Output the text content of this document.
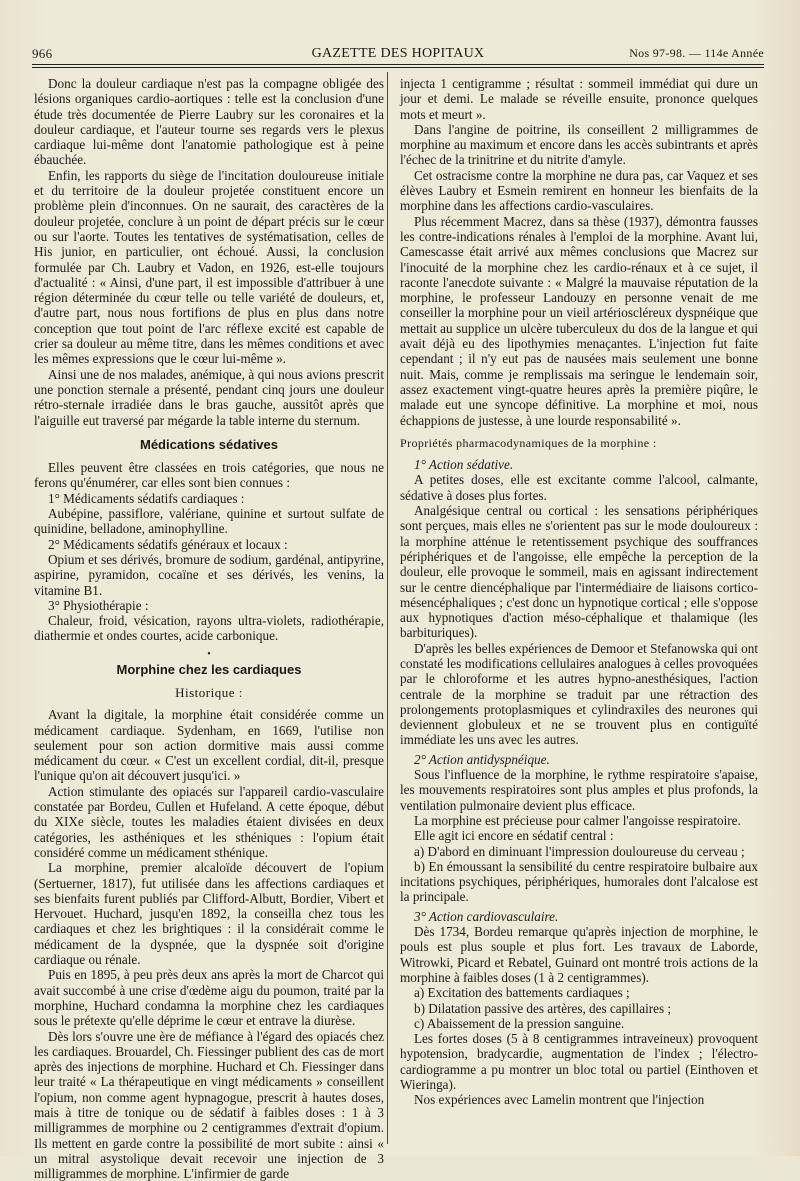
966	GAZETTE DES HOPITAUX	Nos 97-98. — 114e Année

Donc la douleur cardiaque n'est pas la compagne obligée des lésions organiques cardio-aortiques : telle est la conclusion d'une étude très documentée de Pierre Laubry sur les coronaires et la douleur cardiaque, et l'auteur tourne ses regards vers le plexus cardiaque lui-même dont l'anatomie pathologique est à peine ébauchée.

Enfin, les rapports du siège de l'incitation douloureuse initiale et du territoire de la douleur projetée constituent encore un problème plein d'inconnues. On ne saurait, des caractères de la douleur projetée, conclure à un point de départ précis sur le cœur ou sur l'aorte. Toutes les tentatives de systématisation, celles de His junior, en particulier, ont échoué. Aussi, la conclusion formulée par Ch. Laubry et Vadon, en 1926, est-elle toujours d'actualité : « Ainsi, d'une part, il est impossible d'attribuer à une région déterminée du cœur telle ou telle variété de douleurs, et, d'autre part, nous nous fortifions de plus en plus dans notre conception que tout point de l'arc réflexe excité est capable de crier sa douleur au même titre, dans les mêmes conditions et avec les mêmes expressions que le cœur lui-même ».

Ainsi une de nos malades, anémique, à qui nous avions prescrit une ponction sternale a présenté, pendant cinq jours une douleur rétro-sternale irradiée dans le bras gauche, aussitôt après que l'aiguille eut traversé par mégarde la table interne du sternum.

Médications sédatives

Elles peuvent être classées en trois catégories, que nous ne ferons qu'énumérer, car elles sont bien connues :

1° Médicaments sédatifs cardiaques :

Aubépine, passiflore, valériane, quinine et surtout sulfate de quinidine, belladone, aminophylline.

2° Médicaments sédatifs généraux et locaux :

Opium et ses dérivés, bromure de sodium, gardénal, antipyrine, aspirine, pyramidon, cocaïne et ses dérivés, les venins, la vitamine B1.

3° Physiothérapie :

Chaleur, froid, vésication, rayons ultra-violets, radiothérapie, diathermie et ondes courtes, acide carbonique.

•
Morphine chez les cardiaques
Historique :

Avant la digitale, la morphine était considérée comme un médicament cardiaque. Sydenham, en 1669, l'utilise non seulement pour son action dormitive mais aussi comme médicament du cœur. « C'est un excellent cordial, dit-il, presque l'unique qu'on ait découvert jusqu'ici. »

Action stimulante des opiacés sur l'appareil cardio-vasculaire constatée par Bordeu, Cullen et Hufeland. A cette époque, début du XIXe siècle, toutes les maladies étaient divisées en deux catégories, les asthéniques et les sthéniques : l'opium était considéré comme un médicament sthénique.

La morphine, premier alcaloïde découvert de l'opium (Sertuerner, 1817), fut utilisée dans les affections cardiaques et ses bienfaits furent publiés par Clifford-Albutt, Bordier, Vibert et Hervouet. Huchard, jusqu'en 1892, la conseilla chez tous les cardiaques et chez les brightiques : il la considérait comme le médicament de la dyspnée, que la dyspnée soit d'origine cardiaque ou rénale.

Puis en 1895, à peu près deux ans après la mort de Charcot qui avait succombé à une crise d'œdème aigu du poumon, traité par la morphine, Huchard condamna la morphine chez les cardiaques sous le prétexte qu'elle déprime le cœur et entrave la diurèse.

Dès lors s'ouvre une ère de méfiance à l'égard des opiacés chez les cardiaques. Brouardel, Ch. Fiessinger publient des cas de mort après des injections de morphine. Huchard et Ch. Fiessinger dans leur traité « La thérapeutique en vingt médicaments » conseillent l'opium, non comme agent hypnagogue, prescrit à hautes doses, mais à titre de tonique ou de sédatif à faibles doses : 1 à 3 milligrammes de morphine ou 2 centigrammes d'extrait d'opium. Ils mettent en garde contre la possibilité de mort subite : ainsi « un mitral asystolique devait recevoir une injection de 3 milligrammes de morphine. L'infirmier de garde

injecta 1 centigramme ; résultat : sommeil immédiat qui dure un jour et demi. Le malade se réveille ensuite, prononce quelques mots et meurt ».

Dans l'angine de poitrine, ils conseillent 2 milligrammes de morphine au maximum et encore dans les accès subintrants et après l'échec de la trinitrine et du nitrite d'amyle.

Cet ostracisme contre la morphine ne dura pas, car Vaquez et ses élèves Laubry et Esmein remirent en honneur les bienfaits de la morphine dans les affections cardio-vasculaires.

Plus récemment Macrez, dans sa thèse (1937), démontra fausses les contre-indications rénales à l'emploi de la morphine. Avant lui, Camescasse était arrivé aux mêmes conclusions que Macrez sur l'inocuité de la morphine chez les cardio-rénaux et à ce sujet, il raconte l'anecdote suivante : « Malgré la mauvaise réputation de la morphine, le professeur Landouzy en personne venait de me conseiller la morphine pour un vieil artérioscléreux dyspnéique que mettait au supplice un ulcère tuberculeux du dos de la langue et qui avait déjà eu des lipothymies menaçantes. L'injection fut faite cependant ; il n'y eut pas de nausées mais seulement une bonne nuit. Mais, comme je remplissais ma seringue le lendemain soir, assez exactement vingt-quatre heures après la première piqûre, le malade eut une syncope définitive. La morphine et moi, nous échappions de justesse, à une lourde responsabilité ».

Propriétés pharmacodynamiques de la morphine :

1° Action sédative.

A petites doses, elle est excitante comme l'alcool, calmante, sédative à doses plus fortes.

Analgésique central ou cortical : les sensations périphériques sont perçues, mais elles ne s'orientent pas sur le mode douloureux : la morphine atténue le retentissement psychique des souffrances périphériques et de l'angoisse, elle empêche la perception de la douleur, elle provoque le sommeil, mais en agissant indirectement sur le centre diencéphalique par l'intermédiaire de liaisons cortico-mésencéphaliques ; c'est donc un hypnotique cortical ; elle s'oppose aux hypnotiques d'action méso-céphalique et thalamique (les barbituriques).

D'après les belles expériences de Demoor et Stefanowska qui ont constaté les modifications cellulaires analogues à celles provoquées par le chloroforme et les autres hypno-anesthésiques, l'action centrale de la morphine se traduit par une rétraction des prolongements protoplasmiques et cylindraxiles des neurones qui deviennent globuleux et ne se trouvent plus en contiguïté immédiate les uns avec les autres.

2° Action antidyspnéique.

Sous l'influence de la morphine, le rythme respiratoire s'apaise, les mouvements respiratoires sont plus amples et plus profonds, la ventilation pulmonaire devient plus efficace.

La morphine est précieuse pour calmer l'angoisse respiratoire.

Elle agit ici encore en sédatif central :

a) D'abord en diminuant l'impression douloureuse du cerveau ;

b) En émoussant la sensibilité du centre respiratoire bulbaire aux incitations psychiques, périphériques, humorales dont l'alcalose est la principale.

3° Action cardiovasculaire.

Dès 1734, Bordeu remarque qu'après injection de morphine, le pouls est plus souple et plus fort. Les travaux de Laborde, Witrowki, Picard et Rebatel, Guinard ont montré trois actions de la morphine à faibles doses (1 à 2 centigrammes).

a) Excitation des battements cardiaques ;

b) Dilatation passive des artères, des capillaires ;

c) Abaissement de la pression sanguine.

Les fortes doses (5 à 8 centigrammes intraveineux) provoquent hypotension, bradycardie, augmentation de l'index ; l'électro-cardiogramme a pu montrer un bloc total ou partiel (Einthoven et Wieringa).

Nos expériences avec Lamelin montrent que l'injection
